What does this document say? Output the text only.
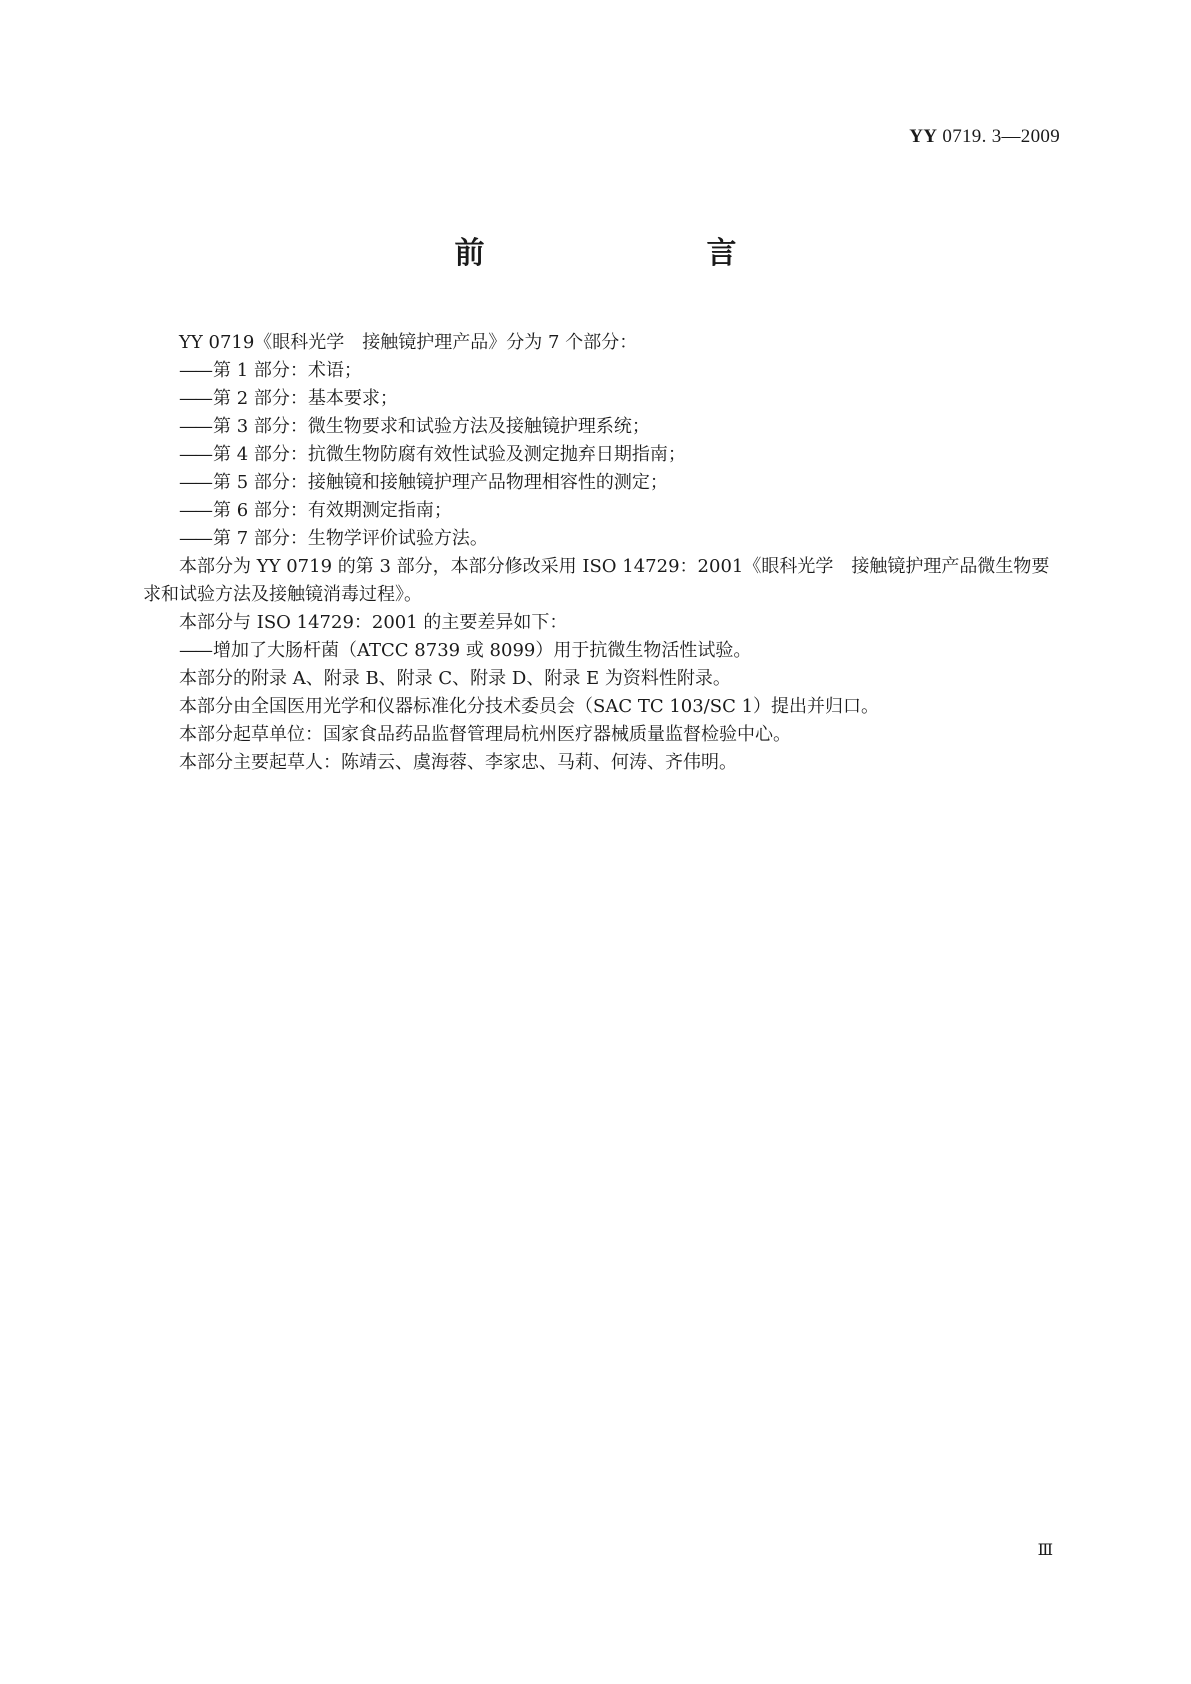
YY 0719. 3—2009
前　　言

YY 0719《眼科光学　接触镜护理产品》分为 7 个部分：

—— 第 1 部分：术语；

—— 第 2 部分：基本要求；

—— 第 3 部分：微生物要求和试验方法及接触镜护理系统；

—— 第 4 部分：抗微生物防腐有效性试验及测定抛弃日期指南；

—— 第 5 部分：接触镜和接触镜护理产品物理相容性的测定；

—— 第 6 部分：有效期测定指南；

—— 第 7 部分：生物学评价试验方法。

本部分为 YY 0719 的第 3 部分，本部分修改采用 ISO 14729：2001《眼科光学　接触镜护理产品微生物要求和试验方法及接触镜消毒过程》。

本部分与 ISO 14729：2001 的主要差异如下：

—— 增加了大肠杆菌（ATCC 8739 或 8099）用于抗微生物活性试验。

本部分的附录 A、附录 B、附录 C、附录 D、附录 E 为资料性附录。

本部分由全国医用光学和仪器标准化分技术委员会（SAC TC 103/SC 1）提出并归口。

本部分起草单位：国家食品药品监督管理局杭州医疗器械质量监督检验中心。

本部分主要起草人：陈靖云、虞海蓉、李家忠、马莉、何涛、齐伟明。

Ⅲ
